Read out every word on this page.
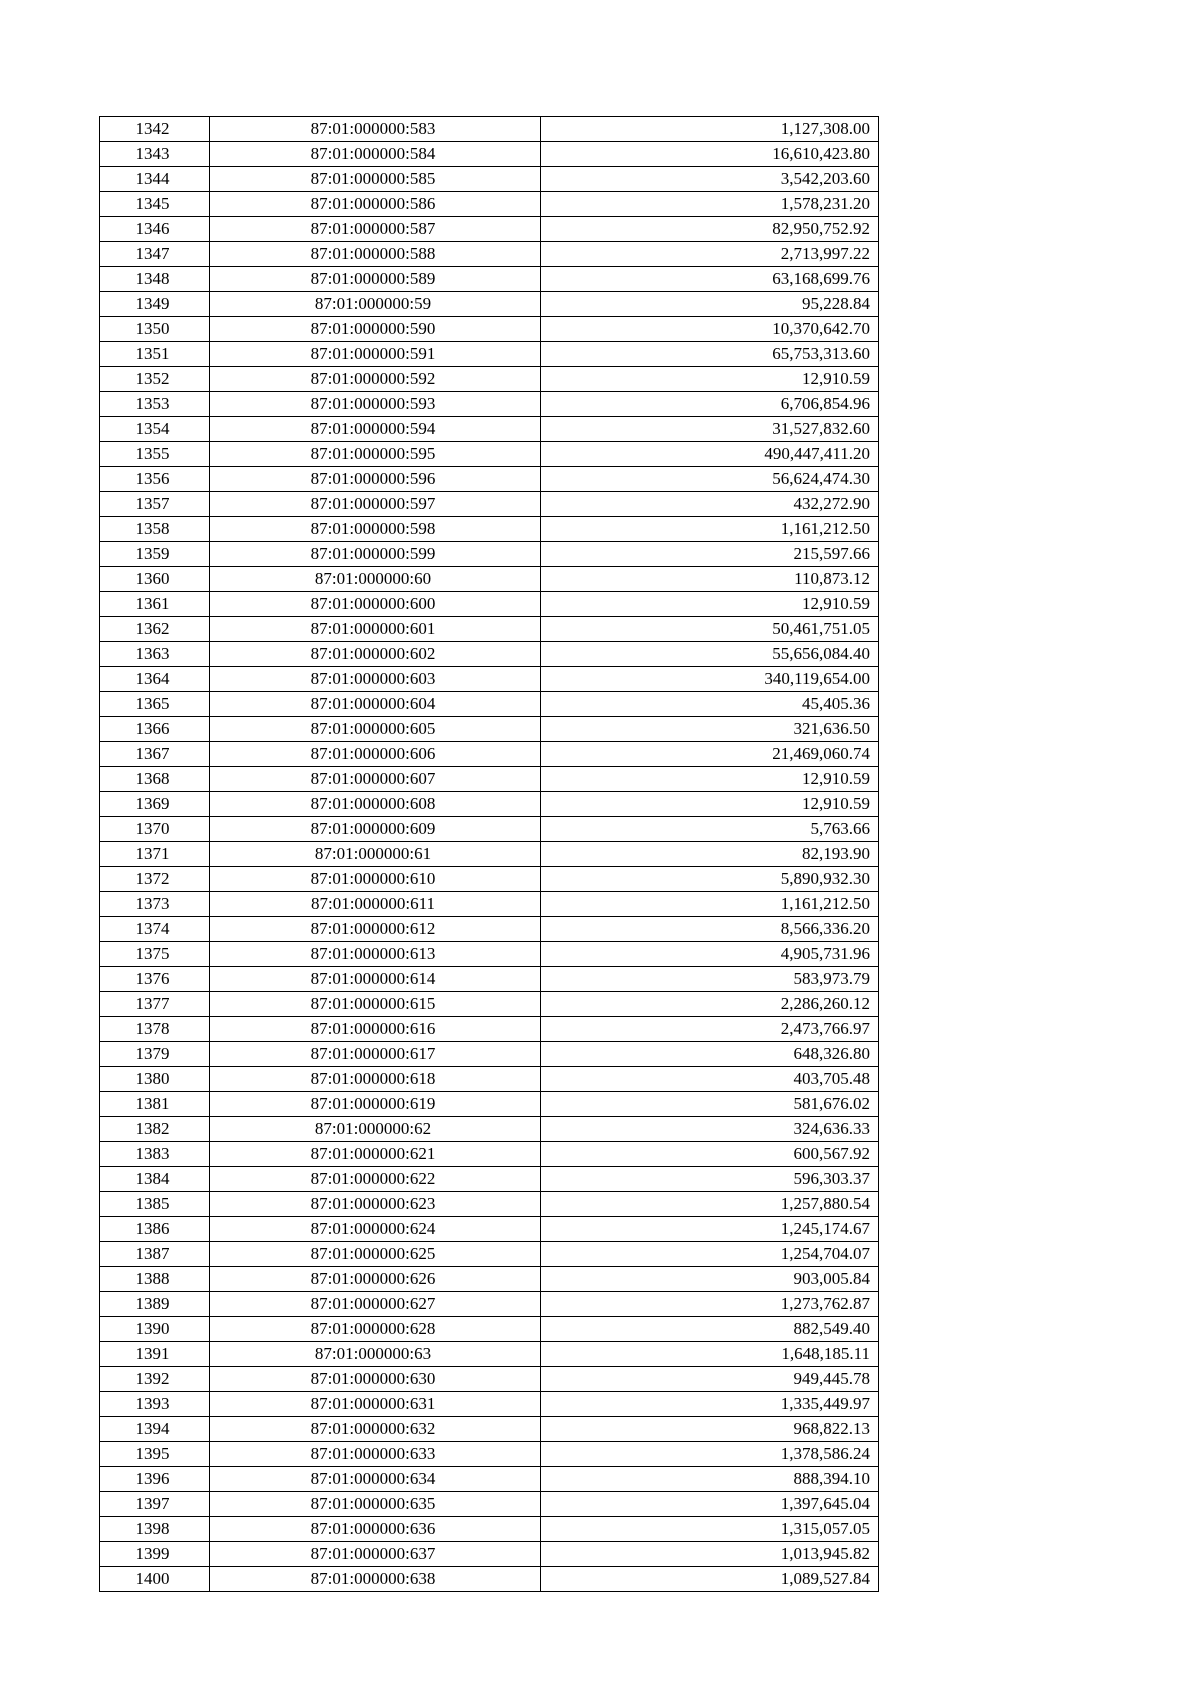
1342	87:01:000000:583	1,127,308.00
1343	87:01:000000:584	16,610,423.80
1344	87:01:000000:585	3,542,203.60
1345	87:01:000000:586	1,578,231.20
1346	87:01:000000:587	82,950,752.92
1347	87:01:000000:588	2,713,997.22
1348	87:01:000000:589	63,168,699.76
1349	87:01:000000:59	95,228.84
1350	87:01:000000:590	10,370,642.70
1351	87:01:000000:591	65,753,313.60
1352	87:01:000000:592	12,910.59
1353	87:01:000000:593	6,706,854.96
1354	87:01:000000:594	31,527,832.60
1355	87:01:000000:595	490,447,411.20
1356	87:01:000000:596	56,624,474.30
1357	87:01:000000:597	432,272.90
1358	87:01:000000:598	1,161,212.50
1359	87:01:000000:599	215,597.66
1360	87:01:000000:60	110,873.12
1361	87:01:000000:600	12,910.59
1362	87:01:000000:601	50,461,751.05
1363	87:01:000000:602	55,656,084.40
1364	87:01:000000:603	340,119,654.00
1365	87:01:000000:604	45,405.36
1366	87:01:000000:605	321,636.50
1367	87:01:000000:606	21,469,060.74
1368	87:01:000000:607	12,910.59
1369	87:01:000000:608	12,910.59
1370	87:01:000000:609	5,763.66
1371	87:01:000000:61	82,193.90
1372	87:01:000000:610	5,890,932.30
1373	87:01:000000:611	1,161,212.50
1374	87:01:000000:612	8,566,336.20
1375	87:01:000000:613	4,905,731.96
1376	87:01:000000:614	583,973.79
1377	87:01:000000:615	2,286,260.12
1378	87:01:000000:616	2,473,766.97
1379	87:01:000000:617	648,326.80
1380	87:01:000000:618	403,705.48
1381	87:01:000000:619	581,676.02
1382	87:01:000000:62	324,636.33
1383	87:01:000000:621	600,567.92
1384	87:01:000000:622	596,303.37
1385	87:01:000000:623	1,257,880.54
1386	87:01:000000:624	1,245,174.67
1387	87:01:000000:625	1,254,704.07
1388	87:01:000000:626	903,005.84
1389	87:01:000000:627	1,273,762.87
1390	87:01:000000:628	882,549.40
1391	87:01:000000:63	1,648,185.11
1392	87:01:000000:630	949,445.78
1393	87:01:000000:631	1,335,449.97
1394	87:01:000000:632	968,822.13
1395	87:01:000000:633	1,378,586.24
1396	87:01:000000:634	888,394.10
1397	87:01:000000:635	1,397,645.04
1398	87:01:000000:636	1,315,057.05
1399	87:01:000000:637	1,013,945.82
1400	87:01:000000:638	1,089,527.84
